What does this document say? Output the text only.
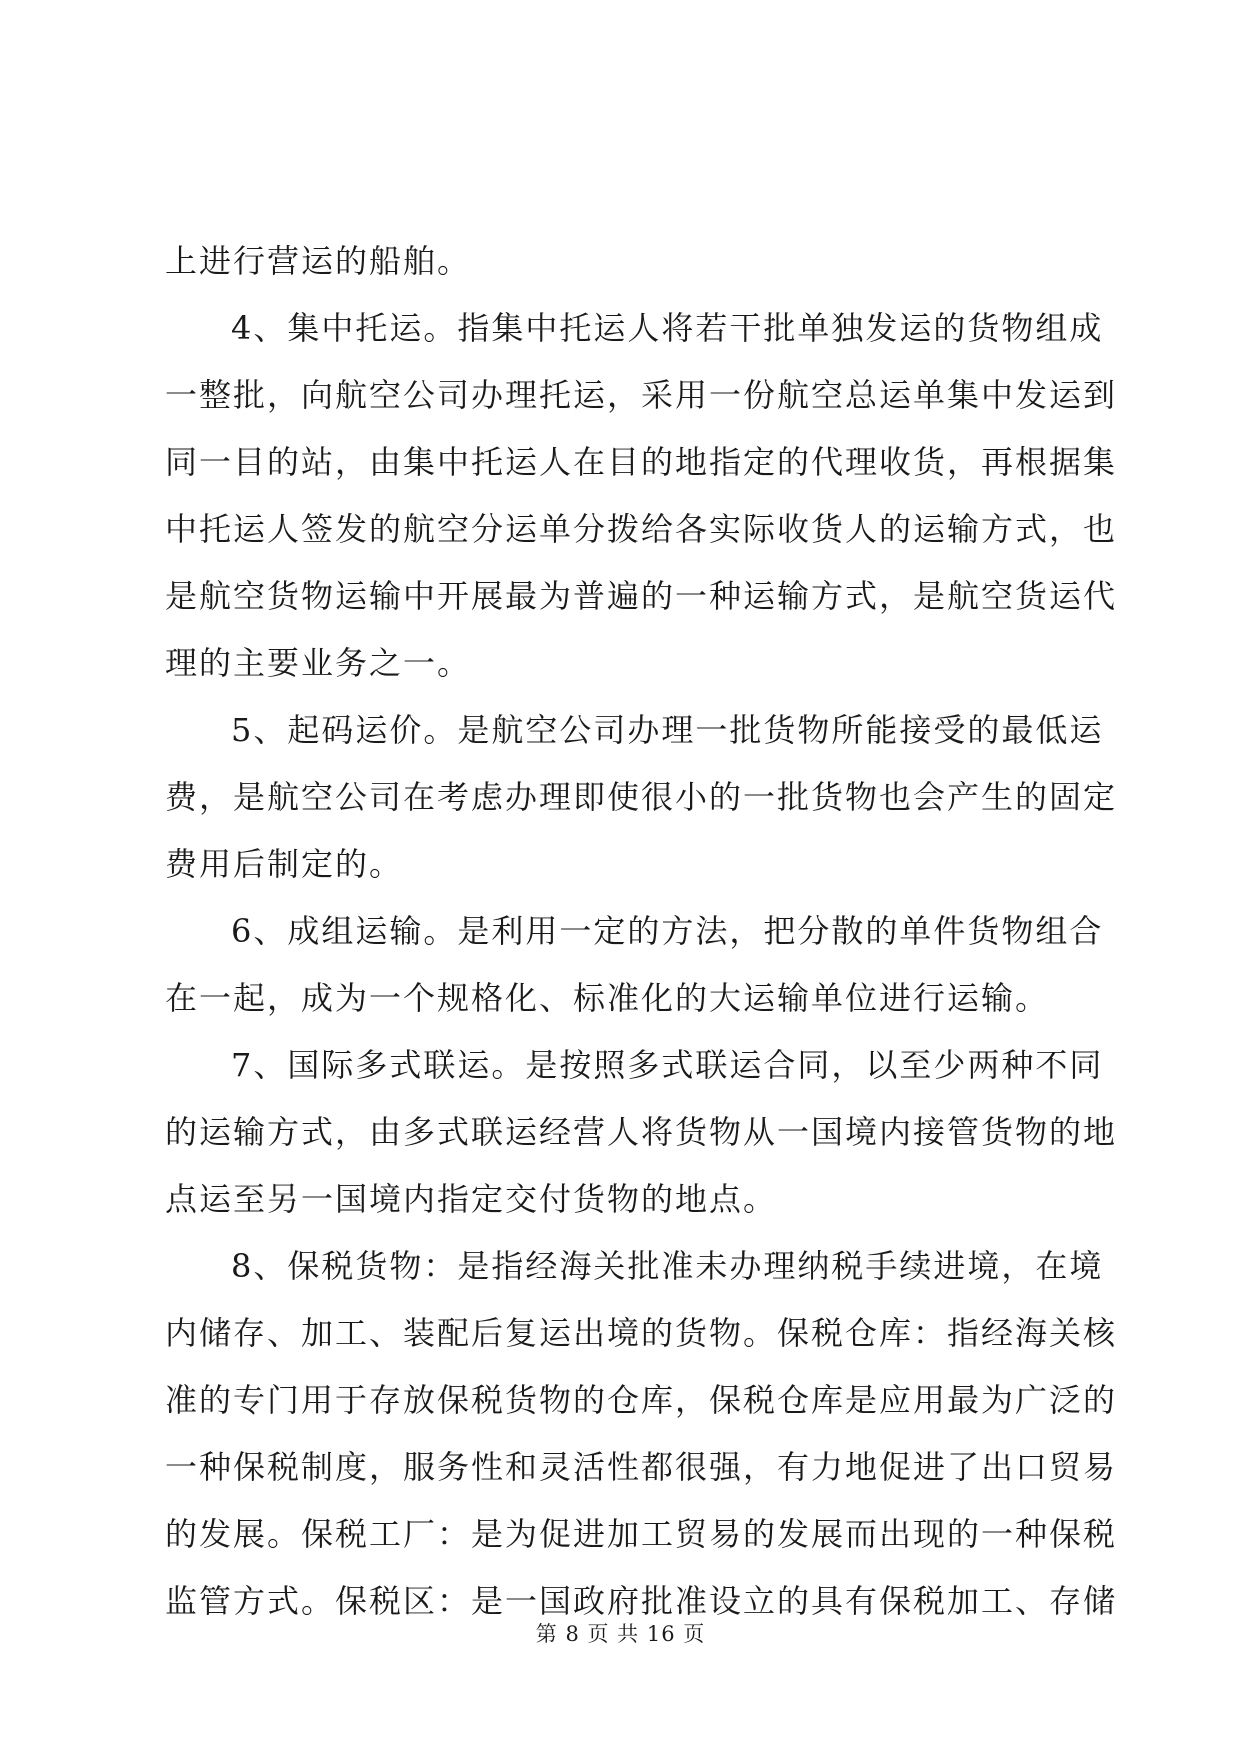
上进行营运的船舶。
4、集中托运。指集中托运人将若干批单独发运的货物组成
一整批，向航空公司办理托运，采用一份航空总运单集中发运到
同一目的站，由集中托运人在目的地指定的代理收货，再根据集
中托运人签发的航空分运单分拨给各实际收货人的运输方式，也
是航空货物运输中开展最为普遍的一种运输方式，是航空货运代
理的主要业务之一。
5、起码运价。是航空公司办理一批货物所能接受的最低运
费，是航空公司在考虑办理即使很小的一批货物也会产生的固定
费用后制定的。
6、成组运输。是利用一定的方法，把分散的单件货物组合
在一起，成为一个规格化、标准化的大运输单位进行运输。
7、国际多式联运。是按照多式联运合同，以至少两种不同
的运输方式，由多式联运经营人将货物从一国境内接管货物的地
点运至另一国境内指定交付货物的地点。
8、保税货物：是指经海关批准未办理纳税手续进境，在境
内储存、加工、装配后复运出境的货物。保税仓库：指经海关核
准的专门用于存放保税货物的仓库，保税仓库是应用最为广泛的
一种保税制度，服务性和灵活性都很强，有力地促进了出口贸易
的发展。保税工厂：是为促进加工贸易的发展而出现的一种保税
监管方式。保税区：是一国政府批准设立的具有保税加工、存储
第 8 页 共 16 页
